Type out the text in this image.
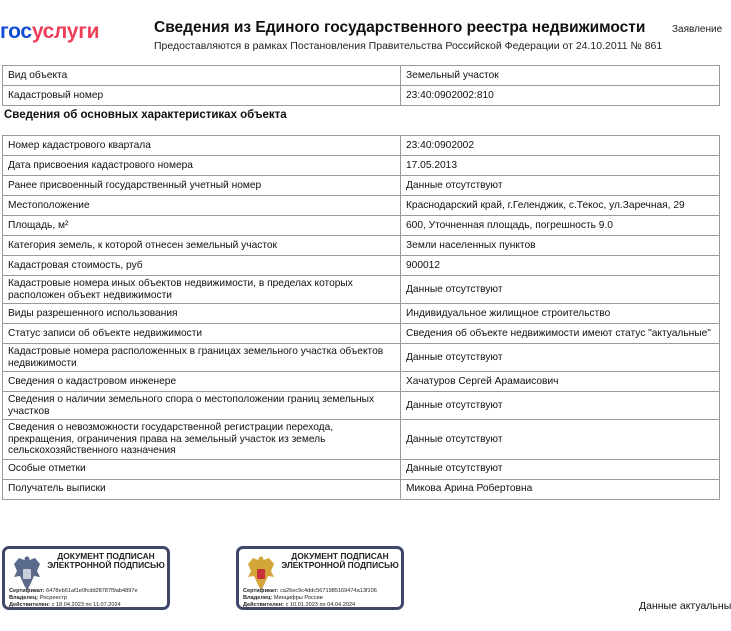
госуслуги	Сведения из Единого государственного реестра недвижимости
Предоставляются в рамках Постановления Правительства Российской Федерации от 24.10.2011 № 861
Заявление
Вид объекта	Земельный участок
Кадастровый номер	23:40:0902002:810
Сведения об основных характеристиках объекта
Номер кадастрового квартала	23:40:0902002
Дата присвоения кадастрового номера	17.05.2013
Ранее присвоенный государственный учетный номер	Данные отсутствуют
Местоположение	Краснодарский край, г.Геленджик, с.Текос, ул.Заречная, 29
Площадь, м²	600, Уточненная площадь, погрешность 9.0
Категория земель, к которой отнесен земельный участок	Земли населенных пунктов
Кадастровая стоимость, руб	900012
Кадастровые номера иных объектов недвижимости, в пределах которых расположен объект недвижимости	Данные отсутствуют
Виды разрешенного использования	Индивидуальное жилищное строительство
Статус записи об объекте недвижимости	Сведения об объекте недвижимости имеют статус "актуальные"
Кадастровые номера расположенных в границах земельного участка объектов недвижимости	Данные отсутствуют
Сведения о кадастровом инженере	Хачатуров Сергей Арамаисович
Сведения о наличии земельного спора о местоположении границ земельных участков	Данные отсутствуют
Сведения о невозможности государственной регистрации перехода, прекращения, ограничения права на земельный участок из земель сельскохозяйственного назначения	Данные отсутствуют
Особые отметки	Данные отсутствуют
Получатель выписки	Микова Арина Робертовна
ДОКУМЕНТ ПОДПИСАН ЭЛЕКТРОННОЙ ПОДПИСЬЮ
Сертификат: 6478eb61af1e0fcdd28787f9ab4897e
Владелец: Росреестр
Действителен: с 18.04.2023 по 11.07.2024
ДОКУМЕНТ ПОДПИСАН ЭЛЕКТРОННОЙ ПОДПИСЬЮ
Сертификат: ca26ec9c4ddc5671985169474a13f106
Владелец: Минцифры России
Действителен: с 10.01.2023 по 04.04.2024	Данные актуальны
